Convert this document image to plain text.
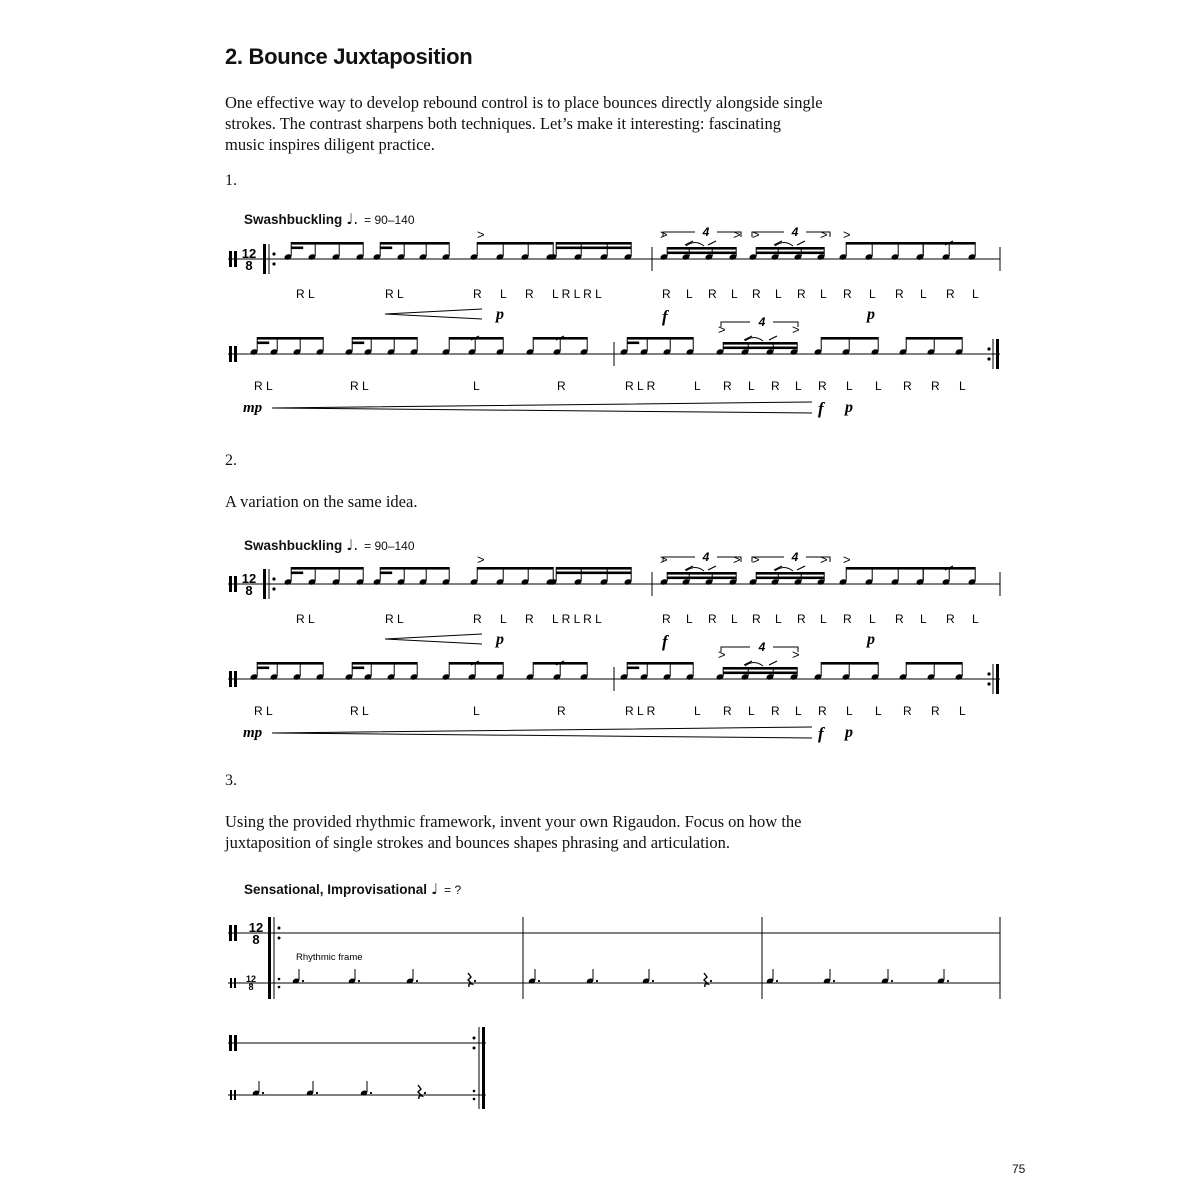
2. Bounce Juxtaposition
One effective way to develop rebound control is to place bounces directly alongside single
strokes. The contrast sharpens both techniques. Let’s make it interesting: fascinating
music inspires diligent practice.
1.
Swashbuckling ♩. = 90–140
12
8
>	>	> >	> >
4	4
R L	R L	R L R L R L R L	R L R L R L R L R L R L R L
p	f	p
>	>
4
R L	R L	L	R	R L R	L R L R L R L L R R L
mp	f p
2.
A variation on the same idea.
Swashbuckling ♩. = 90–140
12
8
>	>	> >	> >
4	4
R L	R L	R L R L R L R L	R L R L R L R L R L R L R L
p	f	p
>	>
4
R L	R L	L	R	R L R	L R L R L R L L R R L
mp	f p
3.
Using the provided rhythmic framework, invent your own Rigaudon. Focus on how the
juxtaposition of single strokes and bounces shapes phrasing and articulation.
Sensational, Improvisational ♩ = ?
12
8
Rhythmic frame
12
8
75
